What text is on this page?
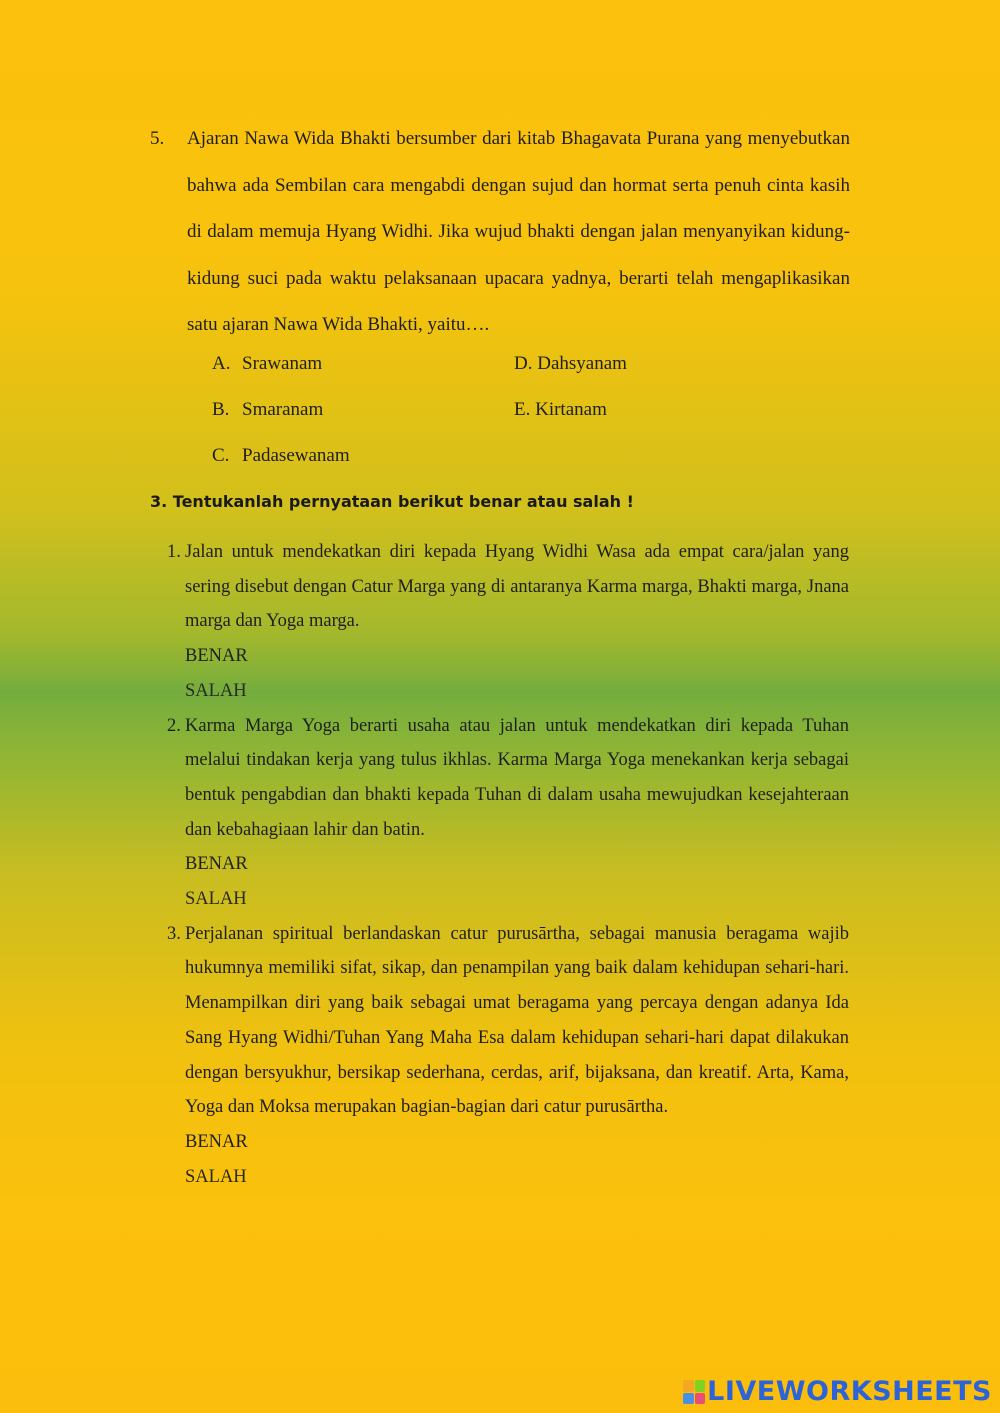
5. Ajaran Nawa Wida Bhakti bersumber dari kitab Bhagavata Purana yang menyebutkan bahwa ada Sembilan cara mengabdi dengan sujud dan hormat serta penuh cinta kasih di dalam memuja Hyang Widhi. Jika wujud bhakti dengan jalan menyanyikan kidung-kidung suci pada waktu pelaksanaan upacara yadnya, berarti telah mengaplikasikan satu ajaran Nawa Wida Bhakti, yaitu….
A. Srawanam
B. Smaranam
C. Padasewanam
D. Dahsyanam
E. Kirtanam
3. Tentukanlah pernyataan berikut benar atau salah !
1. Jalan untuk mendekatkan diri kepada Hyang Widhi Wasa ada empat cara/jalan yang sering disebut dengan Catur Marga yang di antaranya Karma marga, Bhakti marga, Jnana marga dan Yoga marga.
BENAR
SALAH
2. Karma Marga Yoga berarti usaha atau jalan untuk mendekatkan diri kepada Tuhan melalui tindakan kerja yang tulus ikhlas. Karma Marga Yoga menekankan kerja sebagai bentuk pengabdian dan bhakti kepada Tuhan di dalam usaha mewujudkan kesejahteraan dan kebahagiaan lahir dan batin.
BENAR
SALAH
3. Perjalanan spiritual berlandaskan catur purusārtha, sebagai manusia beragama wajib hukumnya memiliki sifat, sikap, dan penampilan yang baik dalam kehidupan sehari-hari. Menampilkan diri yang baik sebagai umat beragama yang percaya dengan adanya Ida Sang Hyang Widhi/Tuhan Yang Maha Esa dalam kehidupan sehari-hari dapat dilakukan dengan bersyukhur, bersikap sederhana, cerdas, arif, bijaksana, dan kreatif. Arta, Kama, Yoga dan Moksa merupakan bagian-bagian dari catur purusārtha.
BENAR
SALAH
LIVEWORKSHEETS
